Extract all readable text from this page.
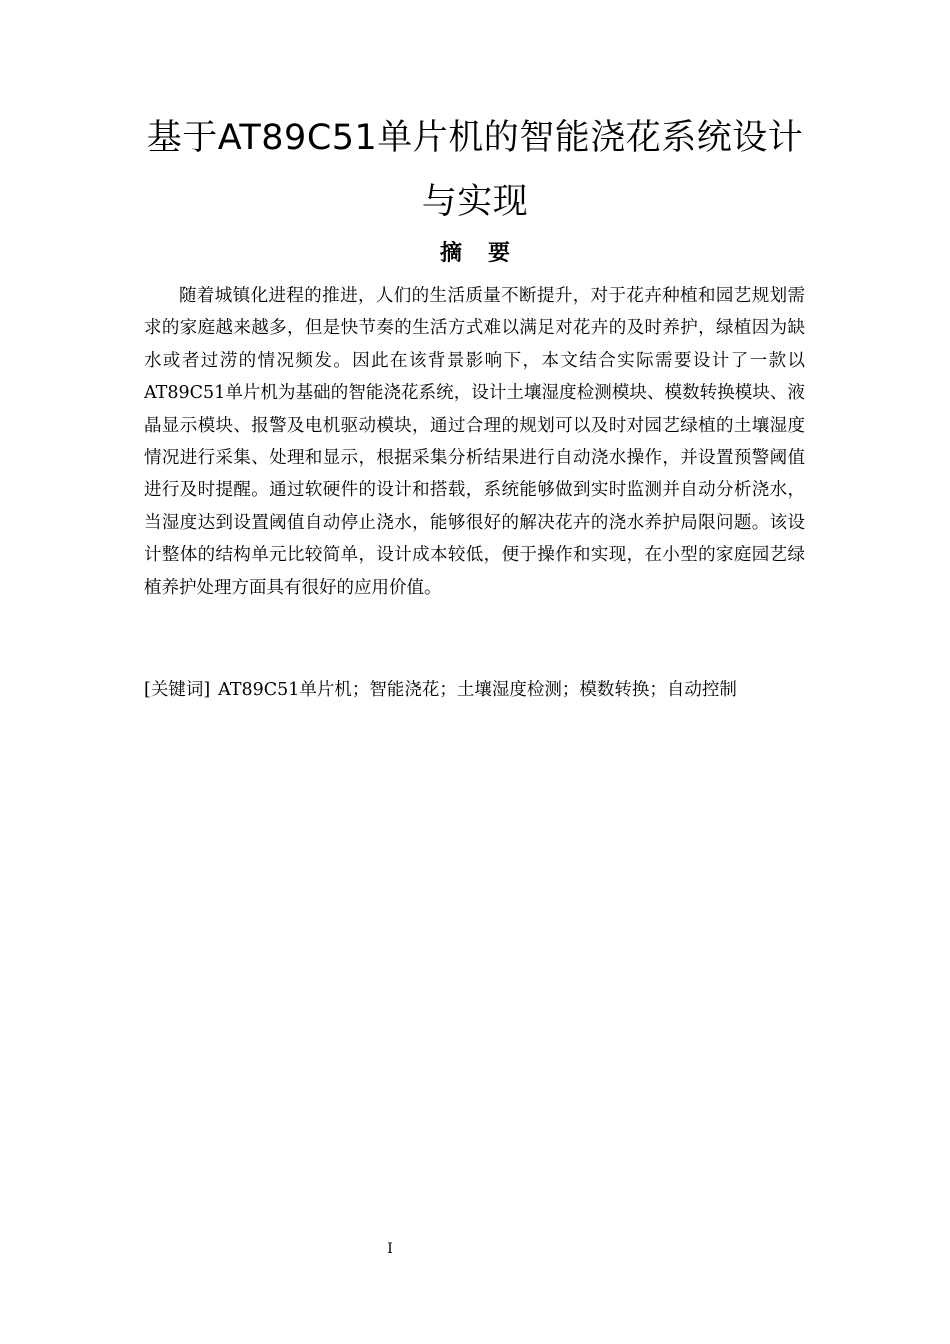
基于AT89C51单片机的智能浇花系统设计
与实现
摘要

随着城镇化进程的推进，人们的生活质量不断提升，对于花卉种植和园艺规划需求的家庭越来越多，但是快节奏的生活方式难以满足对花卉的及时养护，绿植因为缺水或者过涝的情况频发。因此在该背景影响下，本文结合实际需要设计了一款以AT89C51单片机为基础的智能浇花系统，设计土壤湿度检测模块、模数转换模块、液晶显示模块、报警及电机驱动模块，通过合理的规划可以及时对园艺绿植的土壤湿度情况进行采集、处理和显示，根据采集分析结果进行自动浇水操作，并设置预警阈值进行及时提醒。通过软硬件的设计和搭载，系统能够做到实时监测并自动分析浇水，当湿度达到设置阈值自动停止浇水，能够很好的解决花卉的浇水养护局限问题。该设计整体的结构单元比较简单，设计成本较低，便于操作和实现，在小型的家庭园艺绿植养护处理方面具有很好的应用价值。

[关键词] AT89C51单片机；智能浇花；土壤湿度检测；模数转换；自动控制

I
